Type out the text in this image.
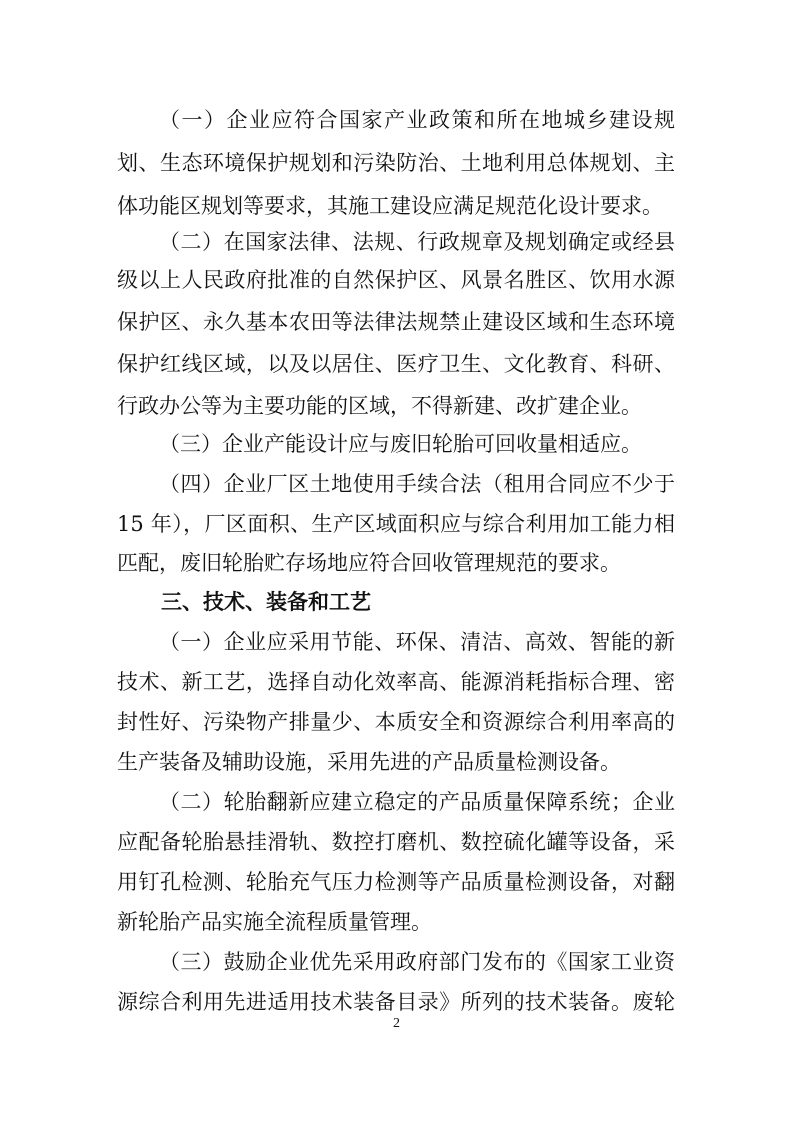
（一）企业应符合国家产业政策和所在地城乡建设规
划、生态环境保护规划和污染防治、土地利用总体规划、主
体功能区规划等要求，其施工建设应满足规范化设计要求。
（二）在国家法律、法规、行政规章及规划确定或经县
级以上人民政府批准的自然保护区、风景名胜区、饮用水源
保护区、永久基本农田等法律法规禁止建设区域和生态环境
保护红线区域，以及以居住、医疗卫生、文化教育、科研、
行政办公等为主要功能的区域，不得新建、改扩建企业。
（三）企业产能设计应与废旧轮胎可回收量相适应。
（四）企业厂区土地使用手续合法（租用合同应不少于
15 年），厂区面积、生产区域面积应与综合利用加工能力相
匹配，废旧轮胎贮存场地应符合回收管理规范的要求。
三、技术、装备和工艺
（一）企业应采用节能、环保、清洁、高效、智能的新
技术、新工艺，选择自动化效率高、能源消耗指标合理、密
封性好、污染物产排量少、本质安全和资源综合利用率高的
生产装备及辅助设施，采用先进的产品质量检测设备。
（二）轮胎翻新应建立稳定的产品质量保障系统；企业
应配备轮胎悬挂滑轨、数控打磨机、数控硫化罐等设备，采
用钉孔检测、轮胎充气压力检测等产品质量检测设备，对翻
新轮胎产品实施全流程质量管理。
（三）鼓励企业优先采用政府部门发布的《国家工业资
源综合利用先进适用技术装备目录》所列的技术装备。废轮
2
